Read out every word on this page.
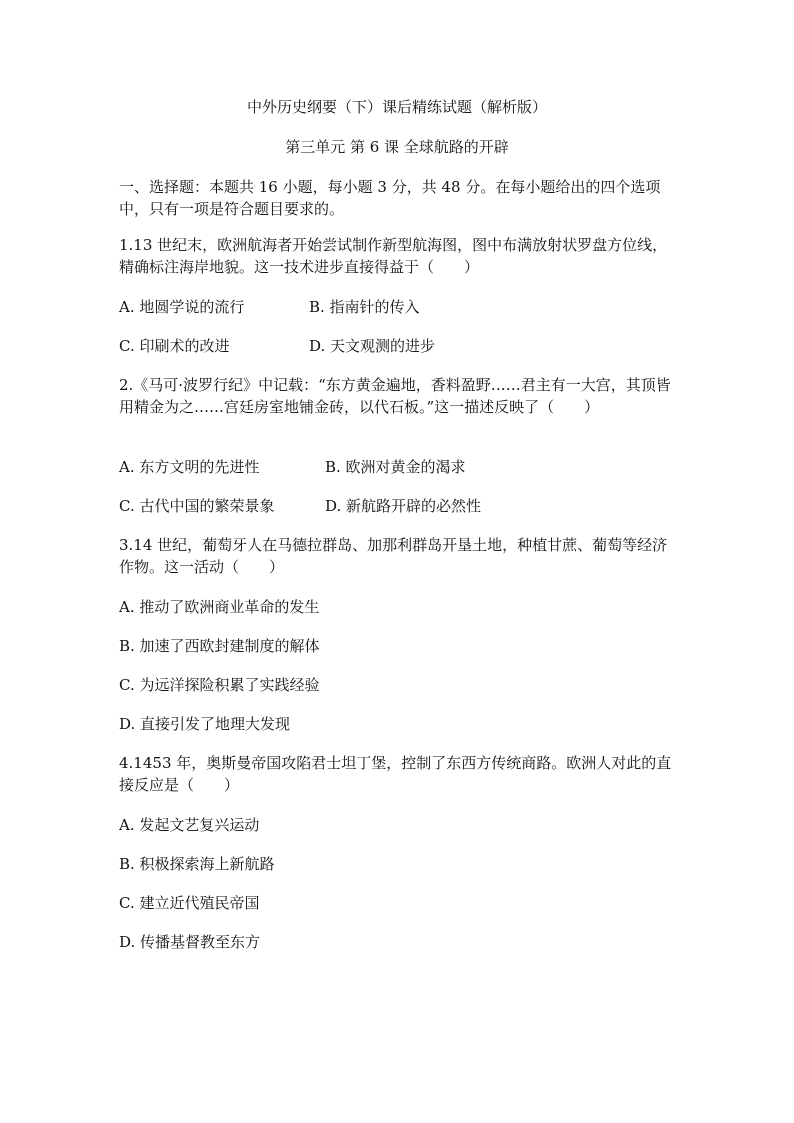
中外历史纲要（下）课后精练试题（解析版）
第三单元 第 6 课 全球航路的开辟
一、选择题：本题共 16 小题，每小题 3 分，共 48 分。在每小题给出的四个选项中，只有一项是符合题目要求的。
1.13 世纪末，欧洲航海者开始尝试制作新型航海图，图中布满放射状罗盘方位线，精确标注海岸地貌。这一技术进步直接得益于（　　）
A. 地圆学说的流行	B. 指南针的传入
C. 印刷术的改进	D. 天文观测的进步
2.《马可·波罗行纪》中记载：“东方黄金遍地，香料盈野……君主有一大宫，其顶皆用精金为之……宫廷房室地铺金砖，以代石板。”这一描述反映了（　　）
A. 东方文明的先进性	B. 欧洲对黄金的渴求
C. 古代中国的繁荣景象	D. 新航路开辟的必然性
3.14 世纪，葡萄牙人在马德拉群岛、加那利群岛开垦土地，种植甘蔗、葡萄等经济作物。这一活动（　　）
A. 推动了欧洲商业革命的发生
B. 加速了西欧封建制度的解体
C. 为远洋探险积累了实践经验
D. 直接引发了地理大发现
4.1453 年，奥斯曼帝国攻陷君士坦丁堡，控制了东西方传统商路。欧洲人对此的直接反应是（　　）
A. 发起文艺复兴运动
B. 积极探索海上新航路
C. 建立近代殖民帝国
D. 传播基督教至东方
